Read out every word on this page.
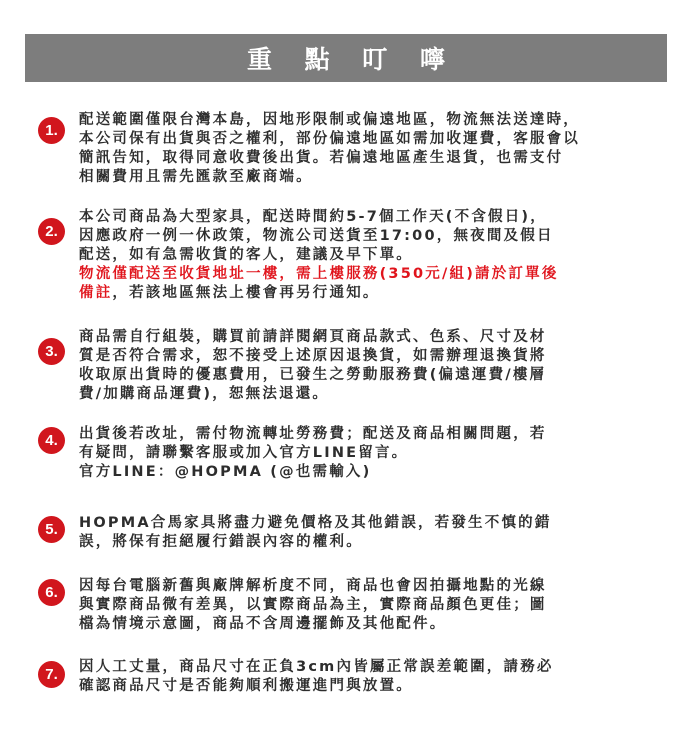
重 點 叮 嚀
1.
配送範圍僅限台灣本島，因地形限制或偏遠地區，物流無法送達時，
本公司保有出貨與否之權利，部份偏遠地區如需加收運費，客服會以
簡訊告知，取得同意收費後出貨。若偏遠地區產生退貨，也需支付
相關費用且需先匯款至廠商端。
2.
本公司商品為大型家具，配送時間約5-7個工作天(不含假日)，
因應政府一例一休政策，物流公司送貨至17:00，無夜間及假日
配送，如有急需收貨的客人，建議及早下單。
物流僅配送至收貨地址一樓，需上樓服務(350元/組)請於訂單後
備註，若該地區無法上樓會再另行通知。
3.
商品需自行組裝，購買前請詳閱網頁商品款式、色系、尺寸及材
質是否符合需求，恕不接受上述原因退換貨，如需辦理退換貨將
收取原出貨時的優惠費用，已發生之勞動服務費(偏遠運費/樓層
費/加購商品運費)，恕無法退還。
4.	出貨後若改址，需付物流轉址勞務費；配送及商品相關問題，若
有疑問，請聯繫客服或加入官方LINE留言。
官方LINE：@HOPMA (@也需輸入)
5.	HOPMA合馬家具將盡力避免價格及其他錯誤，若發生不慎的錯
誤，將保有拒絕履行錯誤內容的權利。
6.	因每台電腦新舊與廠牌解析度不同，商品也會因拍攝地點的光線
與實際商品微有差異，以實際商品為主，實際商品顏色更佳；圖
檔為情境示意圖，商品不含周邊擺飾及其他配件。
7.	因人工丈量，商品尺寸在正負3cm內皆屬正常誤差範圍，請務必
確認商品尺寸是否能夠順利搬運進門與放置。
